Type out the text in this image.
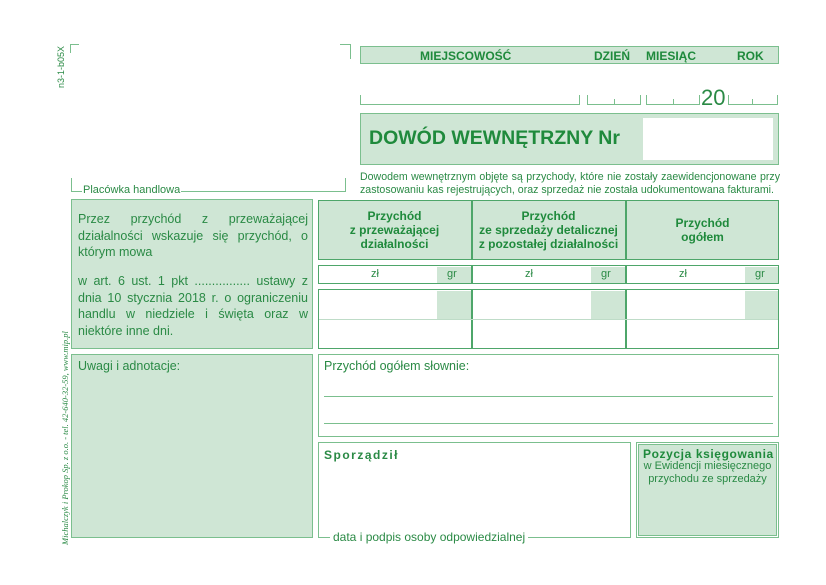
n3-1-b05X
Michalczyk i Prokop Sp. z o.o. - tel. 42-640-32-59, www.mip.pl
MIEJSCOWOŚĆ	DZIEŃ MIESIĄC	ROK
20
DOWÓD WEWNĘTRZNY Nr
Dowodem wewnętrznym objęte są przychody, które nie zostały zaewidencjonowane przy zastosowaniu kas rejestrujących, oraz sprzedaż nie została udokumentowana fakturami.
Placówka handlowa
Przez przychód z przeważającej działalności wskazuje się przychód, o którym mowa
w art. 6 ust. 1 pkt ................ ustawy z dnia 10 stycznia 2018 r. o ograniczeniu handlu w niedziele i święta oraz w niektóre inne dni.
Przychód
z przeważającej
działalności
Przychód
ze sprzedaży detalicznej
z pozostałej działalności
Przychód
ogółem
zł	gr	zł	gr	zł	gr
Uwagi i adnotacje:	Przychód ogółem słownie:
Sporządził
data i podpis osoby odpowiedzialnej
Pozycja księgowania
w Ewidencji miesięcznego przychodu ze sprzedaży
